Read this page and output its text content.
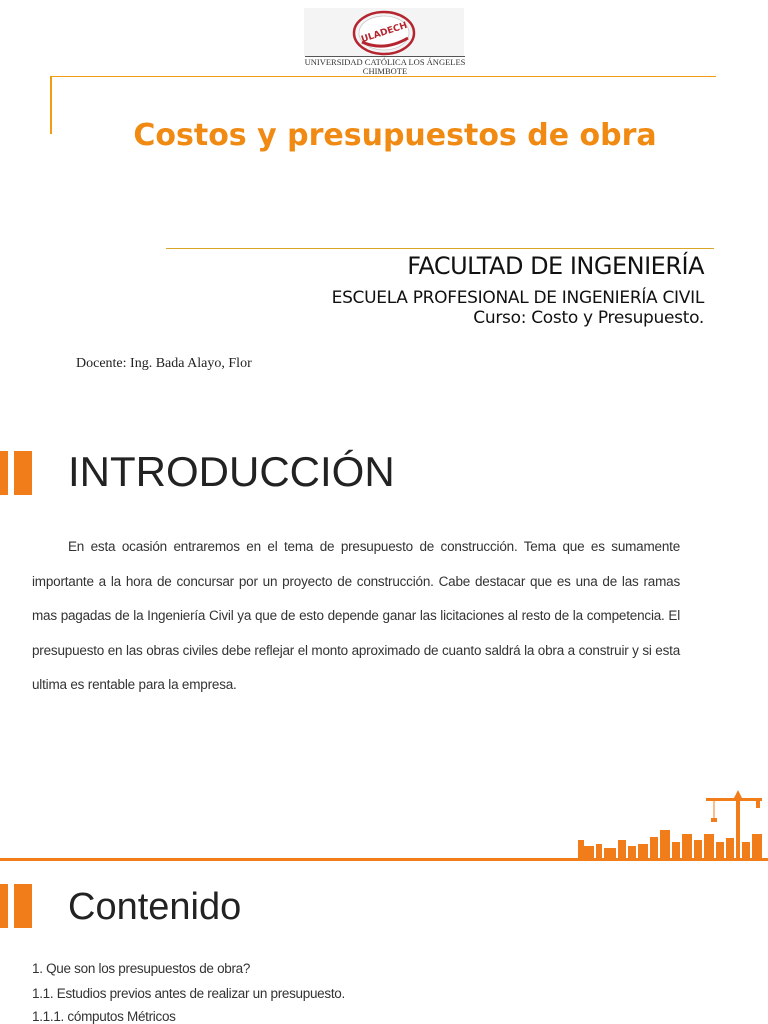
ULADECH
UNIVERSIDAD CATÓLICA LOS ÁNGELES
CHIMBOTE
Costos y presupuestos de obra
FACULTAD DE INGENIERÍA
ESCUELA PROFESIONAL DE INGENIERÍA CIVIL
Curso: Costo y Presupuesto.
Docente: Ing. Bada Alayo, Flor
INTRODUCCIÓN
En esta ocasión entraremos en el tema de presupuesto de construcción. Tema que es sumamente importante a la hora de concursar por un proyecto de construcción. Cabe destacar que es una de las ramas mas pagadas de la Ingeniería Civil ya que de esto depende ganar las licitaciones al resto de la competencia. El presupuesto en las obras civiles debe reflejar el monto aproximado de cuanto saldrá la obra a construir y si esta ultima es rentable para la empresa.
Contenido
1. Que son los presupuestos de obra?
1.1. Estudios previos antes de realizar un presupuesto.
1.1.1. cómputos Métricos
